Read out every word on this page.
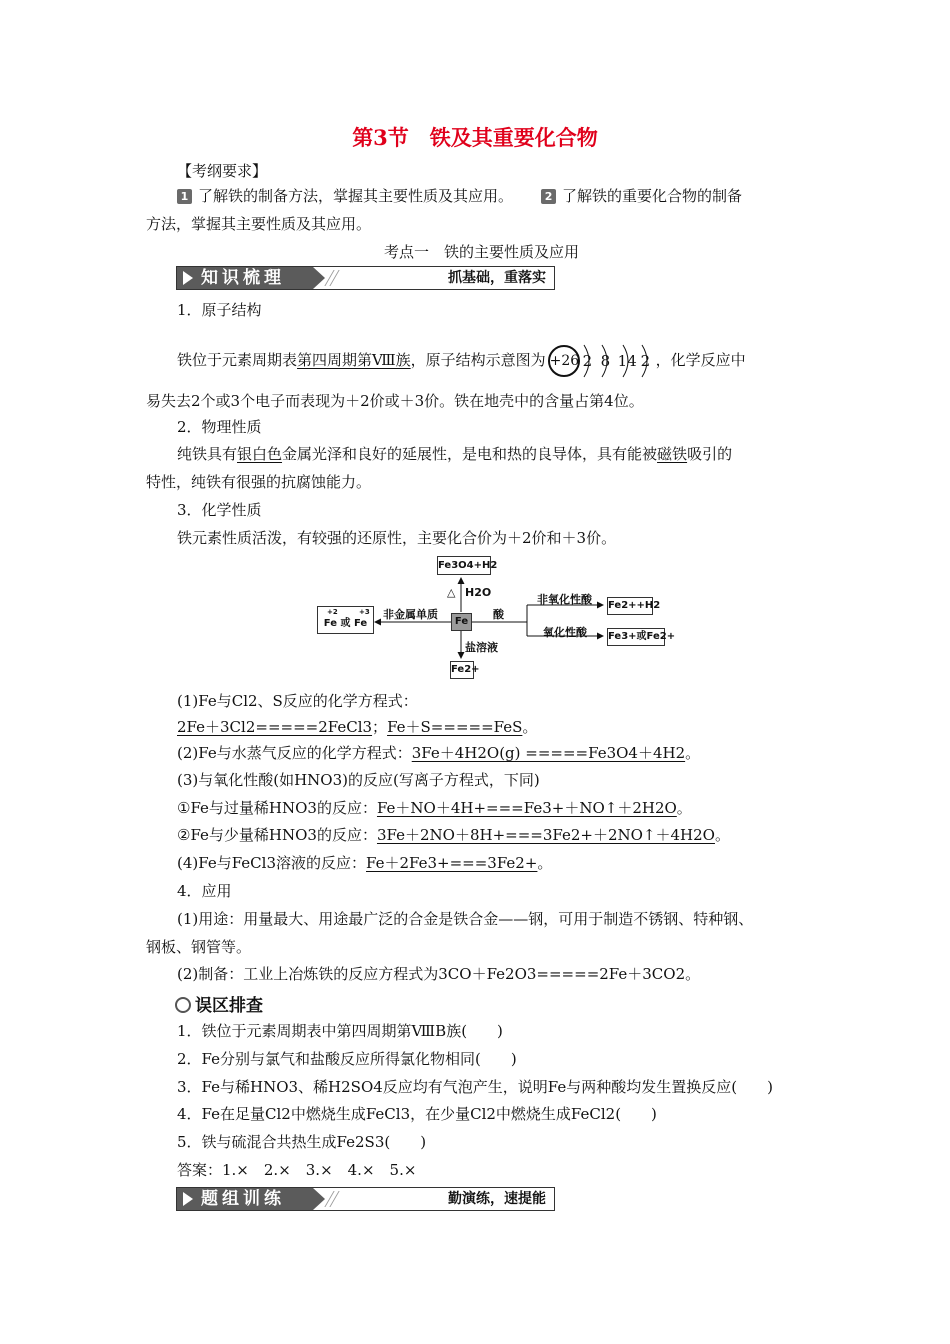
第3节　铁及其重要化合物
【考纲要求】
1 了解铁的制备方法，掌握其主要性质及其应用。	2 了解铁的重要化合物的制备
方法，掌握其主要性质及其应用。
考点一　铁的主要性质及应用
知识梳理	抓基础，重落实
1．原子结构
铁位于元素周期表第四周期第Ⅷ族，原子结构示意图为 +26 2 8 14 2 ，化学反应中
易失去2个或3个电子而表现为＋2价或＋3价。铁在地壳中的含量占第4位。
2．物理性质
纯铁具有银白色金属光泽和良好的延展性，是电和热的良导体，具有能被磁铁吸引的
特性，纯铁有很强的抗腐蚀能力。
3．化学性质
铁元素性质活泼，有较强的还原性，主要化合价为＋2价和＋3价。
Fe3O4+H2
△ H2O
Fe
+2	+3
Fe 或 Fe
非金属单质	酸
非氧化性酸 Fe2++H2
氧化性酸 Fe3+或Fe2+
盐溶液
Fe2+
(1)Fe与Cl2、S反应的化学方程式：
2Fe＋3Cl2=====2FeCl3；Fe＋S=====FeS。
(2)Fe与水蒸气反应的化学方程式：3Fe＋4H2O(g) =====Fe3O4＋4H2。
(3)与氧化性酸(如HNO3)的反应(写离子方程式，下同)
①Fe与过量稀HNO3的反应：Fe＋NO＋4H+===Fe3+＋NO↑＋2H2O。
②Fe与少量稀HNO3的反应：3Fe＋2NO＋8H+===3Fe2+＋2NO↑＋4H2O。
(4)Fe与FeCl3溶液的反应：Fe＋2Fe3+===3Fe2+。
4．应用
(1)用途：用量最大、用途最广泛的合金是铁合金——钢，可用于制造不锈钢、特种钢、
钢板、钢管等。
(2)制备：工业上冶炼铁的反应方程式为3CO＋Fe2O3=====2Fe＋3CO2。
误区排查
1．铁位于元素周期表中第四周期第ⅧB族(　　)
2．Fe分别与氯气和盐酸反应所得氯化物相同(　　)
3．Fe与稀HNO3、稀H2SO4反应均有气泡产生，说明Fe与两种酸均发生置换反应(　　)
4．Fe在足量Cl2中燃烧生成FeCl3，在少量Cl2中燃烧生成FeCl2(　　)
5．铁与硫混合共热生成Fe2S3(　　)
答案：1.×　2.×　3.×　4.×　5.×
题组训练	勤演练，速提能
